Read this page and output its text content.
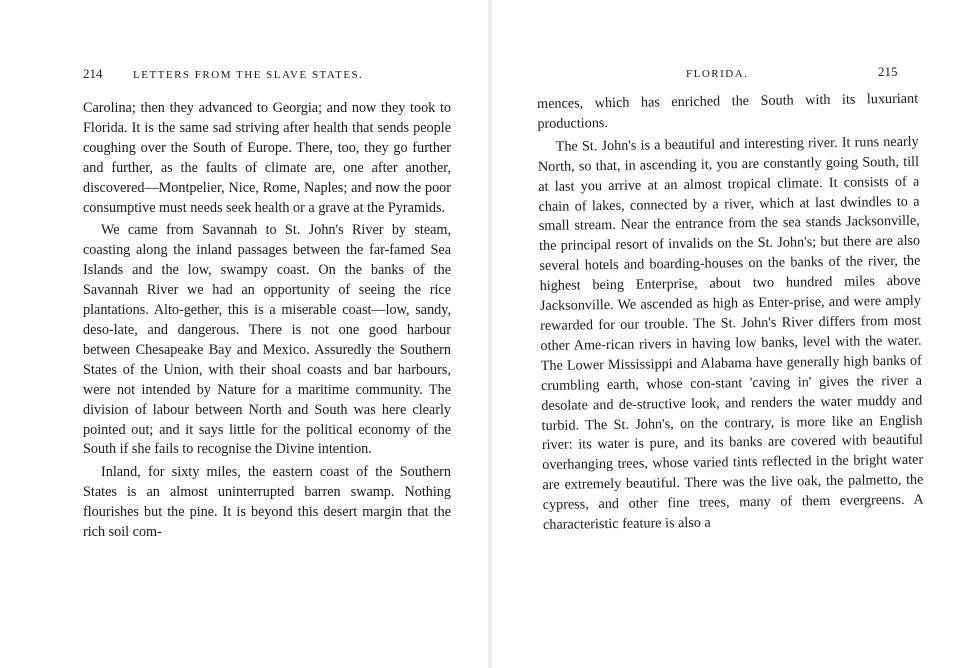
214	LETTERS FROM THE SLAVE STATES.

Carolina; then they advanced to Georgia; and now they took to Florida. It is the same sad striving after health that sends people coughing over the South of Europe. There, too, they go further and further, as the faults of climate are, one after another, discovered—Montpelier, Nice, Rome, Naples; and now the poor consumptive must needs seek health or a grave at the Pyramids.

We came from Savannah to St. John's River by steam, coasting along the inland passages between the far-famed Sea Islands and the low, swampy coast. On the banks of the Savannah River we had an opportunity of seeing the rice plantations. Alto-gether, this is a miserable coast—low, sandy, deso-late, and dangerous. There is not one good harbour between Chesapeake Bay and Mexico. Assuredly the Southern States of the Union, with their shoal coasts and bar harbours, were not intended by Nature for a maritime community. The division of labour between North and South was here clearly pointed out; and it says little for the political economy of the South if she fails to recognise the Divine intention.

Inland, for sixty miles, the eastern coast of the Southern States is an almost uninterrupted barren swamp. Nothing flourishes but the pine. It is beyond this desert margin that the rich soil com-

FLORIDA.	215

mences, which has enriched the South with its luxuriant productions.

The St. John's is a beautiful and interesting river. It runs nearly North, so that, in ascending it, you are constantly going South, till at last you arrive at an almost tropical climate. It consists of a chain of lakes, connected by a river, which at last dwindles to a small stream. Near the entrance from the sea stands Jacksonville, the principal resort of invalids on the St. John's; but there are also several hotels and boarding-houses on the banks of the river, the highest being Enterprise, about two hundred miles above Jacksonville. We ascended as high as Enter-prise, and were amply rewarded for our trouble. The St. John's River differs from most other Ame-rican rivers in having low banks, level with the water. The Lower Mississippi and Alabama have generally high banks of crumbling earth, whose con-stant 'caving in' gives the river a desolate and de-structive look, and renders the water muddy and turbid. The St. John's, on the contrary, is more like an English river: its water is pure, and its banks are covered with beautiful overhanging trees, whose varied tints reflected in the bright water are extremely beautiful. There was the live oak, the palmetto, the cypress, and other fine trees, many of them evergreens. A characteristic feature is also a
